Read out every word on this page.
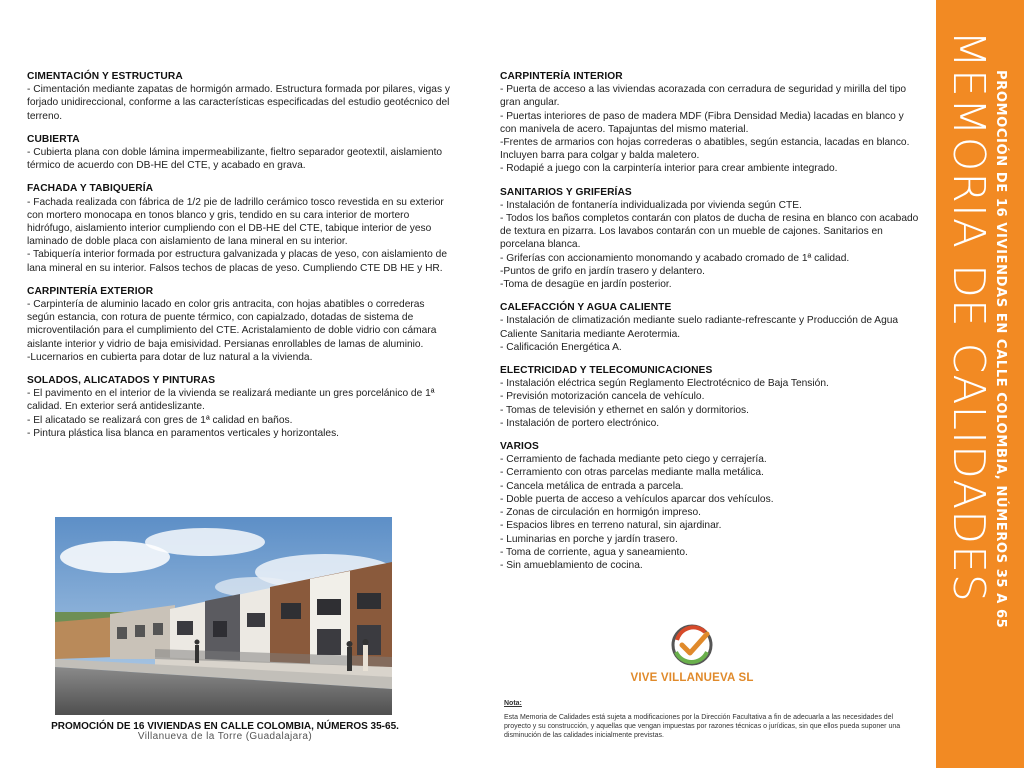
CIMENTACIÓN Y ESTRUCTURA

- Cimentación mediante zapatas de hormigón armado. Estructura formada por pilares, vigas y forjado unidireccional, conforme a las características especificadas del estudio geotécnico del terreno.

CUBIERTA

- Cubierta plana con doble lámina impermeabilizante, fieltro separador geotextil, aislamiento térmico de acuerdo con DB-HE del CTE, y acabado en grava.

FACHADA Y TABIQUERÍA

- Fachada realizada con fábrica de 1/2 pie de ladrillo cerámico tosco revestida en su exterior con mortero monocapa en tonos blanco y gris, tendido en su cara interior de mortero hidrófugo, aislamiento interior cumpliendo con el DB-HE del CTE, tabique interior de yeso laminado de doble placa con aislamiento de lana mineral en su interior.
- Tabiquería interior formada por estructura galvanizada y placas de yeso, con aislamiento de lana mineral en su interior. Falsos techos de placas de yeso. Cumpliendo CTE DB HE y HR.

CARPINTERÍA EXTERIOR

- Carpintería de aluminio lacado en color gris antracita, con hojas abatibles o correderas según estancia, con rotura de puente térmico, con capialzado, dotadas de sistema de microventilación para el cumplimiento del CTE. Acristalamiento de doble vidrio con cámara aislante interior y vidrio de baja emisividad. Persianas enrollables de lamas de aluminio.
-Lucernarios en cubierta para dotar de luz natural a la vivienda.

SOLADOS, ALICATADOS Y PINTURAS

- El pavimento en el interior de la vivienda se realizará mediante un gres porcelánico de 1ª calidad. En exterior será antideslizante.
- El alicatado se realizará con gres de 1ª calidad en baños.
- Pintura plástica lisa blanca en paramentos verticales y horizontales.

PROMOCIÓN DE 16 VIVIENDAS EN CALLE COLOMBIA, NÚMEROS 35-65.
Villanueva de la Torre (Guadalajara)
CARPINTERÍA INTERIOR

- Puerta de acceso a las viviendas acorazada con cerradura de seguridad y mirilla del tipo gran angular.
- Puertas interiores de paso de madera MDF (Fibra Densidad Media) lacadas en blanco y con manivela de acero. Tapajuntas del mismo material.
-Frentes de armarios con hojas correderas o abatibles, según estancia, lacadas en blanco. Incluyen barra para colgar y balda maletero.
- Rodapié a juego con la carpintería interior para crear ambiente integrado.

SANITARIOS Y GRIFERÍAS

- Instalación de fontanería individualizada por vivienda según CTE.
- Todos los baños completos contarán con platos de ducha de resina en blanco con acabado de textura en pizarra. Los lavabos contarán con un mueble de cajones. Sanitarios en porcelana blanca.
- Griferías con accionamiento monomando y acabado cromado de 1ª calidad.
-Puntos de grifo en jardín trasero y delantero.
-Toma de desagüe en jardín posterior.

CALEFACCIÓN Y AGUA CALIENTE

- Instalación de climatización mediante suelo radiante-refrescante y Producción de Agua Caliente Sanitaria mediante Aerotermia.
- Calificación Energética A.

ELECTRICIDAD Y TELECOMUNICACIONES

- Instalación eléctrica según Reglamento Electrotécnico de Baja Tensión.
- Previsión motorización cancela de vehículo.
- Tomas de televisión y ethernet en salón y dormitorios.
- Instalación de portero electrónico.

VARIOS

- Cerramiento de fachada mediante peto ciego y cerrajería.
- Cerramiento con otras parcelas mediante malla metálica.
- Cancela metálica de entrada a parcela.
- Doble puerta de acceso a vehículos aparcar dos vehículos.
- Zonas de circulación en hormigón impreso.
- Espacios libres en terreno natural, sin ajardinar.
- Luminarias en porche y jardín trasero.
- Toma de corriente, agua y saneamiento.
- Sin amueblamiento de cocina.

VIVE VILLANUEVA SL
Nota:
Esta Memoria de Calidades está sujeta a modificaciones por la Dirección Facultativa a fin de adecuarla a las necesidades del proyecto y su construcción, y aquellas que vengan impuestas por razones técnicas o jurídicas, sin que ellos pueda suponer una disminución de las calidades inicialmente previstas.
MEMORIA DE CALIDADES PROMOCIÓN DE 16 VIVIENDAS EN CALLE COLOMBIA, NÚMEROS 35 A 65
